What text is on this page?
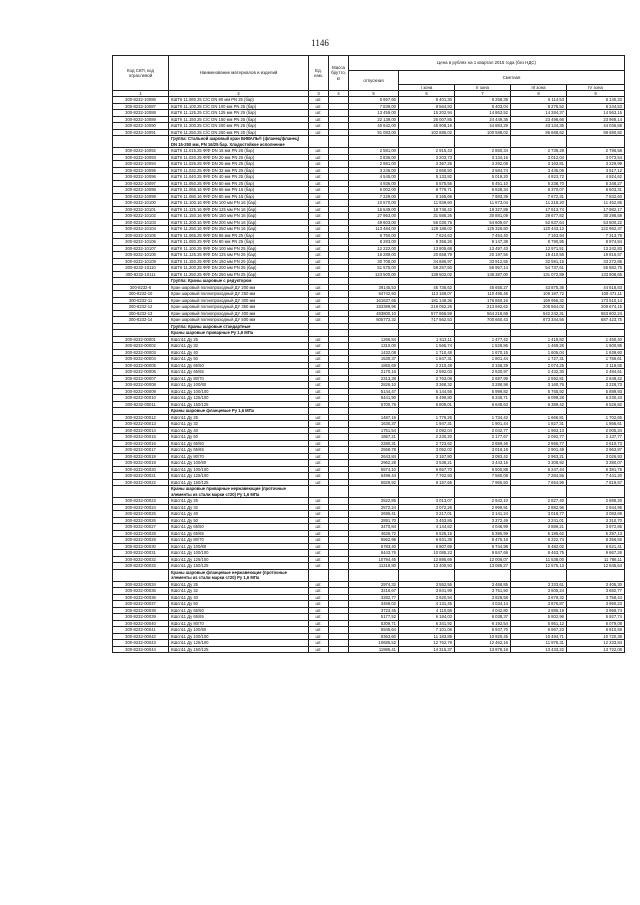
1146
Код СКП, код отраслевой	Наименование материалов и изделий	Ед. изм.	Масса брутто, кг	Цена в рублях на 1 квартал 2016 года (без НДС)				
				отпускная	Сметная			
					I зона	II зона	III зона	IV зона
1	2	3	4	5	6	7	8	9
300-8232-10086	КШТК 11.080.25 C/C DN 80 мм PN 25 (бар)	шт.		5 667,60	6 401,30	6 258,39	6 114,53	6 140,33
300-8232-10087	КШТК 11.100.25 C/C DN 100 мм PN 25 (бар)	шт.		7 839,00	8 564,93	8 403,04	8 275,52	8 244,53
300-8232-10088	КШТК 11.125.25 C/C DN 125 мм PN 25 (бар)	шт.		13 459,00	15 202,94	14 863,52	14 284,37	14 563,15
300-8232-10089	КШТК 11.150.25 C/C DN 150 мм PN 25 (бар)	шт.		22 139,00	25 007,85	24 449,35	23 496,66	23 968,14
300-8232-10090	КШТК 11.200.25 C/C DN 200 мм PN 25 (бар)	шт.		40 642,00	45 908,16	44 883,29	43 134,35	44 036,58
300-8232-10091	КШТК 11.250.25 C/C DN 250 мм PN 25 (бар)	шт.		91 083,00	102 885,02	100 588,02	96 668,62	98 680,82
	Группа: Стальной шаровый кран БИВАЛЬ® (фланец/фланец) DN 15-250 мм, PN 16/25 бар. Хладостойкое исполнение							
300-8232-10092	КШТК 11.015.25 Ф/Ф DN 15 мм PN 25 (бар)	шт.		2 581,00	2 915,43	2 850,34	2 739,28	2 796,58
300-8232-10093	КШТК 11.020.25 Ф/Ф DN 20 мм PN 25 (бар)	шт.		2 836,00	3 203,73	3 134,16	3 012,04	3 073,54
300-8232-10094	КШТК 11.025.25 Ф/Ф DN 25 мм PN 25 (бар)	шт.		2 981,00	3 367,26	3 292,08	3 163,81	3 229,99
300-8232-10095	КШТК 11.032.25 Ф/Ф DN 32 мм PN 25 (бар)	шт.		3 246,00	3 666,50	3 584,74	3 445,06	3 517,12
300-8232-10096	КШТК 11.040.25 Ф/Ф DN 40 мм PN 25 (бар)	шт.		4 545,00	5 133,82	5 019,20	4 823,72	4 924,62
300-8232-10097	КШТК 11.050.25 Ф/Ф DN 50 мм PN 25 (бар)	шт.		4 936,00	5 575,55	5 451,10	5 238,70	5 348,27
300-8232-10098	КШТК 11.065.16 Ф/Ф DN 65 мм PN 16 (бар)	шт.		6 002,00	6 779,71	6 628,34	6 370,07	6 503,31
300-8232-10099	КШТК 11.080.16 Ф/Ф DN 80 мм PN 16 (бар)	шт.		7 229,00	8 165,69	7 983,39	7 672,31	7 832,60
300-8232-10100	КШТК 11.100.16 Ф/Ф DN 100 мм PN 16 (бар)	шт.		10 570,00	11 939,60	11 673,04	11 218,20	11 452,85
300-8232-10101	КШТК 11.125.16 Ф/Ф DN 125 мм PN 16 (бар)	шт.		16 549,00	18 746,42	18 327,89	17 613,74	17 982,17
300-8232-10102	КШТК 11.150.16 Ф/Ф DN 150 мм PN 16 (бар)	шт.		27 963,00	31 586,26	30 881,09	29 677,82	30 298,58
300-8232-10103	КШТК 11.200.16 Ф/Ф DN 200 мм PN 16 (бар)	шт.		49 603,00	56 030,75	54 609,67	52 637,64	53 800,22
300-8232-10104	КШТК 11.250.16 Ф/Ф DN 250 мм PN 16 (бар)	шт.		113 484,00	128 188,02	125 326,60	120 443,12	122 962,37
300-8232-10105	КШТК 11.065.25 Ф/Ф DN 65 мм PN 25 (бар)	шт.		6 750,00	7 624,63	7 454,40	7 163,94	7 313,79
300-8232-10106	КШТК 11.080.25 Ф/Ф DN 80 мм PN 25 (бар)	шт.		8 283,00	9 356,26	9 147,38	8 790,95	8 974,84
300-8232-10107	КШТК 11.100.25 Ф/Ф DN 100 мм PN 25 (бар)	шт.		12 222,00	13 805,68	13 497,43	12 971,51	13 242,83
300-8232-10108	КШТК 11.125.25 Ф/Ф DN 125 мм PN 25 (бар)	шт.		18 289,00	20 658,79	20 197,56	19 410,56	19 816,57
300-8232-10109	КШТК 11.150.25 Ф/Ф DN 150 мм PN 25 (бар)	шт.		30 708,00	34 686,97	33 912,55	32 591,15	33 272,86
300-8232-10110	КШТК 11.200.25 Ф/Ф DN 200 мм PN 25 (бар)	шт.		51 575,00	58 257,50	56 957,14	54 737,61	55 882,75
300-8232-10111	КШТК 11.250.25 Ф/Ф DN 250 мм PN 25 (бар)	шт.		123 500,00	139 502,02	136 387,00	131 072,89	133 808,65
	Группа: Краны шаровые с редуктором							
300-8232-6	Кран шаровый полнопроходный ДУ 200 мм	шт.		39145,53	45 736,62	45 655,27	43 875,36	44 618,83
300-8232-10	Кран шаровый полнопроходный ДУ 250 мм	шт.		84742,93	113 168,07	110 495,46	106 187,72	108 471,11
300-8232-11	Кран шаровый полнопроходный ДУ 300 мм	шт.		161637,65	181 148,36	176 850,16	169 955,32	173 510,14
300-8232-12	Кран шаровый полнопроходный ДУ 350 мм	шт.		183399,96	219 052,25	213 692,62	205 564,02	209 674,15
300-8232-13	Кран шаровый полнопроходный ДУ 400 мм	шт.		483800,10	577 866,59	564 218,68	542 242,31	553 602,24
300-8232-14	Кран шаровый полнопроходный ДУ 500 мм	шт.		605772,32	717 562,53	700 660,43	673 344,56	687 423,75
	Группа: Краны шаровые стандартные							
	Краны шаровые приварные Ру 1,6 МПа							
300-8232-00001	КШсп11 Ду 25	шт.		1266,84	1 513,11	1 477,42	1 419,82	1 450,40
300-8232-00002	КШсп11 Ду 32	шт.		1310,00	1 565,74	1 528,86	1 469,26	1 500,85
300-8232-00003	КШсп11 Ду 40	шт.		1432,08	1 710,48	1 670,15	1 605,04	1 639,60
300-8232-00004	КШсп11 Ду 50	шт.		1530,37	1 847,31	1 801,44	1 727,31	1 766,61
300-8232-00005	КШсп11 Ду 65/50	шт.		1850,69	2 210,48	2 158,29	2 074,25	2 118,55
300-8232-00006	КШсп11 Ду 65/65	шт.		2170,16	2 592,03	2 530,97	2 432,30	2 484,61
300-8232-00007	КШсп11 Ду 80/70	шт.		2313,38	2 763,08	2 697,99	2 592,81	2 648,42
300-8232-00008	КШсп11 Ду 100/80	шт.		2826,10	3 368,32	3 288,98	3 160,76	3 228,73
300-8232-00009	КШсп11 Ду 100/100	шт.		5144,47	6 144,56	5 999,82	5 765,92	5 889,93
300-8232-00010	КШсп11 Ду 125/100	шт.		5441,90	6 499,80	6 346,71	6 099,28	6 230,43
300-8232-00011	КШсп11 Ду 150/125	шт.		5700,78	6 809,01	6 648,63	6 389,42	6 526,82
	Краны шаровые фланцевые Ру 1,6 МПа							
300-8232-00012	КШсп11 Ду 25	шт.		1487,16	1 776,26	1 734,42	1 666,81	1 702,65
300-8232-00013	КШсп11 Ду 32	шт.		1630,37	1 947,31	1 901,44	1 827,31	1 866,61
300-8232-00014	КШсп11 Ду 40	шт.		1751,54	2 092,04	2 042,77	1 963,13	2 005,34
300-8232-00015	КШсп11 Ду 50	шт.		1867,21	2 230,20	2 177,67	2 092,77	2 137,77
300-8232-00016	КШсп11 Ду 65/50	шт.		2280,31	2 723,62	2 659,46	2 555,77	2 610,73
300-8232-00017	КШсп11 Ду 65/65	шт.		2558,78	3 052,02	3 018,18	2 901,49	2 963,87
300-8232-00018	КШсп11 Ду 80/70	шт.		2643,84	3 157,80	3 083,42	2 963,21	3 026,93
300-8232-00019	КШсп11 Ду 100/80	шт.		2962,28	3 538,21	3 443,15	3 308,92	3 380,07
300-8232-00020	КШсп11 Ду 100/100	шт.		5574,10	6 657,70	6 500,88	6 247,44	6 381,78
300-8232-00021	КШсп11 Ду 125/100	шт.		6499,44	7 762,93	7 580,08	7 284,56	7 441,20
300-8232-00022	КШсп11 Ду 150/125	шт.		6829,92	8 157,66	7 965,50	7 654,96	7 819,57
	Краны шаровые приварные нержавеющие (проточные элементы из стали марки ст20) Ру 1,6 МПа							
300-8232-00023	КШсп11 Ду 25	шт.		2522,86	3 013,07	2 942,10	2 827,40	2 888,20
300-8232-00024	КШсп11 Ду 32	шт.		2572,24	3 072,26	2 999,91	2 882,96	2 944,95
300-8232-00025	КШсп11 Ду 40	шт.		2695,41	3 217,01	3 141,24	3 018,77	3 083,69
300-8232-00026	КШсп11 Ду 50	шт.		2891,70	3 453,85	3 372,49	3 241,01	3 310,70
300-8232-00027	КШсп11 Ду 65/50	шт.		3470,84	4 144,62	4 046,99	3 889,21	3 972,85
300-8232-00028	КШсп11 Ду 65/65	шт.		4626,72	5 526,15	5 395,99	5 185,62	5 297,13
300-8232-00029	КШсп11 Ду 80/70	шт.		5562,98	6 631,39	6 475,18	6 222,74	6 356,55
300-8232-00030	КШсп11 Ду 100/80	шт.		5783,40	6 907,69	6 744,98	6 482,02	6 621,41
300-8232-00031	КШсп11 Ду 100/100	шт.		8443,76	10 085,23	9 847,68	9 463,75	9 667,26
300-8232-00032	КШсп11 Ду 125/100	шт.		10794,45	12 895,69	12 006,07	11 538,00	11 786,11
300-8232-00033	КШсп11 Ду 150/125	шт.		11219,80	13 400,93	13 085,27	12 575,13	12 845,54
	Краны шаровые фланцевые нержавеющие (проточные элементы из стали марки ст20) Ру 1,6 МПа							
300-8232-00034	КШсп11 Ду 25	шт.		2974,32	3 552,55	3 468,85	3 333,61	3 405,30
300-8232-00035	КШсп11 Ду 32	шт.		3216,67	3 841,99	3 751,50	3 605,24	3 682,77
300-8232-00036	КШсп11 Ду 40	шт.		3282,77	3 920,94	3 828,58	3 679,32	3 758,44
300-8232-00037	КШсп11 Ду 50	шт.		3459,02	4 131,45	4 034,14	3 876,87	3 960,23
300-8232-00038	КШсп11 Ду 65/50	шт.		3723,45	4 110,68	4 042,80	3 885,19	3 968,74
300-8232-00039	КШсп11 Ду 65/65	шт.		5177,52	6 184,03	6 038,37	5 802,96	5 927,74
300-8232-00040	КШсп11 Ду 80/70	шт.		5309,71	6 341,92	6 192,54	5 951,12	6 079,08
300-8232-00041	КШсп11 Ду 100/80	шт.		5945,64	7 101,06	6 937,70	6 667,23	6 810,59
300-8232-00042	КШсп11 Ду 100/100	шт.		9363,60	11 183,88	10 920,45	10 494,71	10 720,38
300-8232-00043	КШсп11 Ду 125/100	шт.		10685,52	12 762,79	12 462,16	11 976,31	12 233,84
300-8232-00044	КШсп11 Ду 150/125	шт.		11985,41	14 315,37	13 978,18	13 433,22	13 722,08
